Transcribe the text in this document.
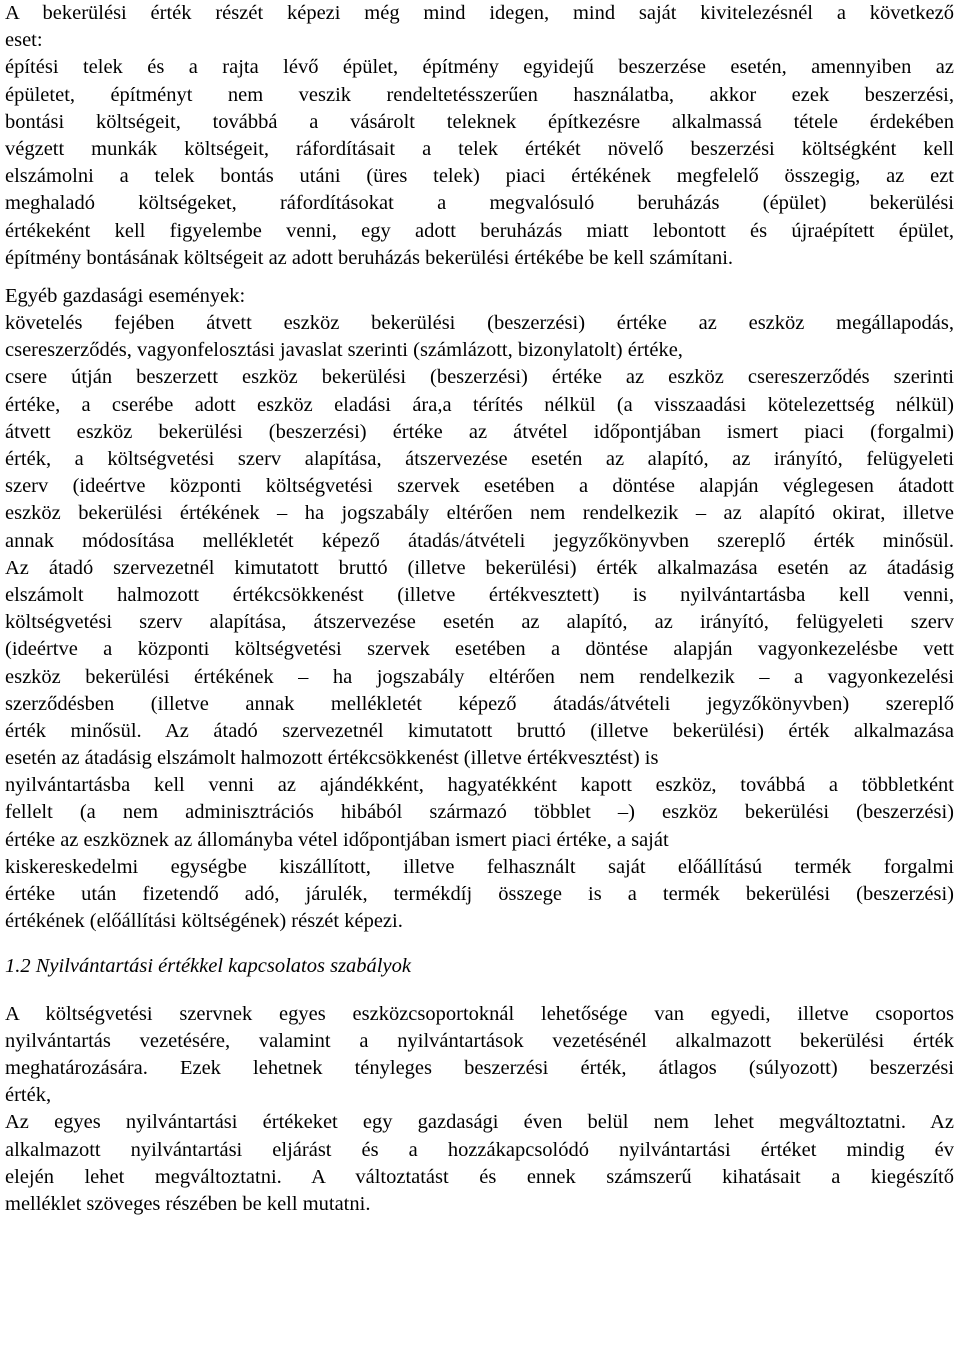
A bekerülési érték részét képezi még mind idegen, mind saját kivitelezésnél a következő
eset:
építési telek és a rajta lévő épület, építmény egyidejű beszerzése esetén, amennyiben az
épületet, építményt nem veszik rendeltetésszerűen használatba, akkor ezek beszerzési,
bontási költségeit, továbbá a vásárolt teleknek építkezésre alkalmassá tétele érdekében
végzett munkák költségeit, ráfordításait a telek értékét növelő beszerzési költségként kell
elszámolni a telek bontás utáni (üres telek) piaci értékének megfelelő összegig, az ezt
meghaladó költségeket, ráfordításokat a megvalósuló beruházás (épület) bekerülési
értékeként kell figyelembe venni, egy adott beruházás miatt lebontott és újraépített épület,
építmény bontásának költségeit az adott beruházás bekerülési értékébe be kell számítani.
Egyéb gazdasági események:
követelés fejében átvett eszköz bekerülési (beszerzési) értéke az eszköz megállapodás,
csereszerződés, vagyonfelosztási javaslat szerinti (számlázott, bizonylatolt) értéke,
csere útján beszerzett eszköz bekerülési (beszerzési) értéke az eszköz csereszerződés szerinti
értéke, a cserébe adott eszköz eladási ára,a térítés nélkül (a visszaadási kötelezettség nélkül)
átvett eszköz bekerülési (beszerzési) értéke az átvétel időpontjában ismert piaci (forgalmi)
érték, a költségvetési szerv alapítása, átszervezése esetén az alapító, az irányító, felügyeleti
szerv (ideértve központi költségvetési szervek esetében a döntése alapján véglegesen átadott
eszköz bekerülési értékének – ha jogszabály eltérően nem rendelkezik – az alapító okirat, illetve
annak módosítása mellékletét képező átadás/átvételi jegyzőkönyvben szereplő érték minősül.
Az átadó szervezetnél kimutatott bruttó (illetve bekerülési) érték alkalmazása esetén az átadásig
elszámolt halmozott értékcsökkenést (illetve értékvesztett) is nyilvántartásba kell venni,
költségvetési szerv alapítása, átszervezése esetén az alapító, az irányító, felügyeleti szerv
(ideértve a központi költségvetési szervek esetében a döntése alapján vagyonkezelésbe vett
eszköz bekerülési értékének – ha jogszabály eltérően nem rendelkezik – a vagyonkezelési
szerződésben (illetve annak mellékletét képező átadás/átvételi jegyzőkönyvben) szereplő
érték minősül. Az átadó szervezetnél kimutatott bruttó (illetve bekerülési) érték alkalmazása
esetén az átadásig elszámolt halmozott értékcsökkenést (illetve értékvesztést) is
nyilvántartásba kell venni az ajándékként, hagyatékként kapott eszköz, továbbá a többletként
fellelt (a nem adminisztrációs hibából származó többlet –) eszköz bekerülési (beszerzési)
értéke az eszköznek az állományba vétel időpontjában ismert piaci értéke, a saját
kiskereskedelmi egységbe kiszállított, illetve felhasznált saját előállítású termék forgalmi
értéke után fizetendő adó, járulék, termékdíj összege is a termék bekerülési (beszerzési)
értékének (előállítási költségének) részét képezi.
1.2 Nyilvántartási értékkel kapcsolatos szabályok
A költségvetési szervnek egyes eszközcsoportoknál lehetősége van egyedi, illetve csoportos
nyilvántartás vezetésére, valamint a nyilvántartások vezetésénél alkalmazott bekerülési érték
meghatározására. Ezek lehetnek tényleges beszerzési érték, átlagos (súlyozott) beszerzési
érték,
Az egyes nyilvántartási értékeket egy gazdasági éven belül nem lehet megváltoztatni. Az
alkalmazott nyilvántartási eljárást és a hozzákapcsolódó nyilvántartási értéket mindig év
elején lehet megváltoztatni. A változtatást és ennek számszerű kihatásait a kiegészítő
melléklet szöveges részében be kell mutatni.
